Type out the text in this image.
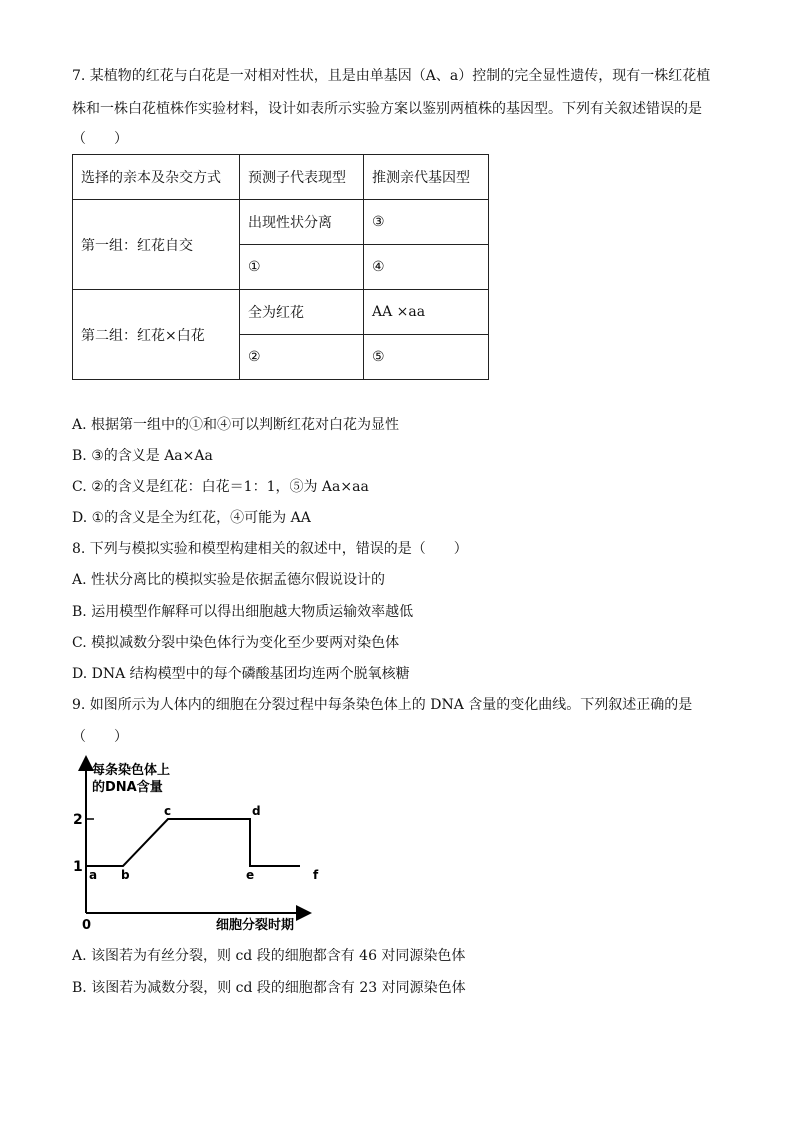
7. 某植物的红花与白花是一对相对性状，且是由单基因（A、a）控制的完全显性遗传，现有一株红花植
株和一株白花植株作实验材料，设计如表所示实验方案以鉴别两植株的基因型。下列有关叙述错误的是
（　　）
选择的亲本及杂交方式	预测子代表现型	推测亲代基因型
第一组：红花自交	出现性状分离	③
	①	④
第二组：红花×白花	全为红花	AA ×aa
	②	⑤
A. 根据第一组中的①和④可以判断红花对白花为显性
B. ③的含义是 Aa×Aa
C. ②的含义是红花：白花＝1：1，⑤为 Aa×aa
D. ①的含义是全为红花，④可能为 AA
8. 下列与模拟实验和模型构建相关的叙述中，错误的是（　　）
A. 性状分离比的模拟实验是依据孟德尔假说设计的
B. 运用模型作解释可以得出细胞越大物质运输效率越低
C. 模拟减数分裂中染色体行为变化至少要两对染色体
D. DNA 结构模型中的每个磷酸基团均连两个脱氧核糖
9. 如图所示为人体内的细胞在分裂过程中每条染色体上的 DNA 含量的变化曲线。下列叙述正确的是
（　　）
每条染色体上
的DNA含量
细胞分裂时期
0
1
2
a b
c	d
e	f
A. 该图若为有丝分裂，则 cd 段的细胞都含有 46 对同源染色体
B. 该图若为减数分裂，则 cd 段的细胞都含有 23 对同源染色体
